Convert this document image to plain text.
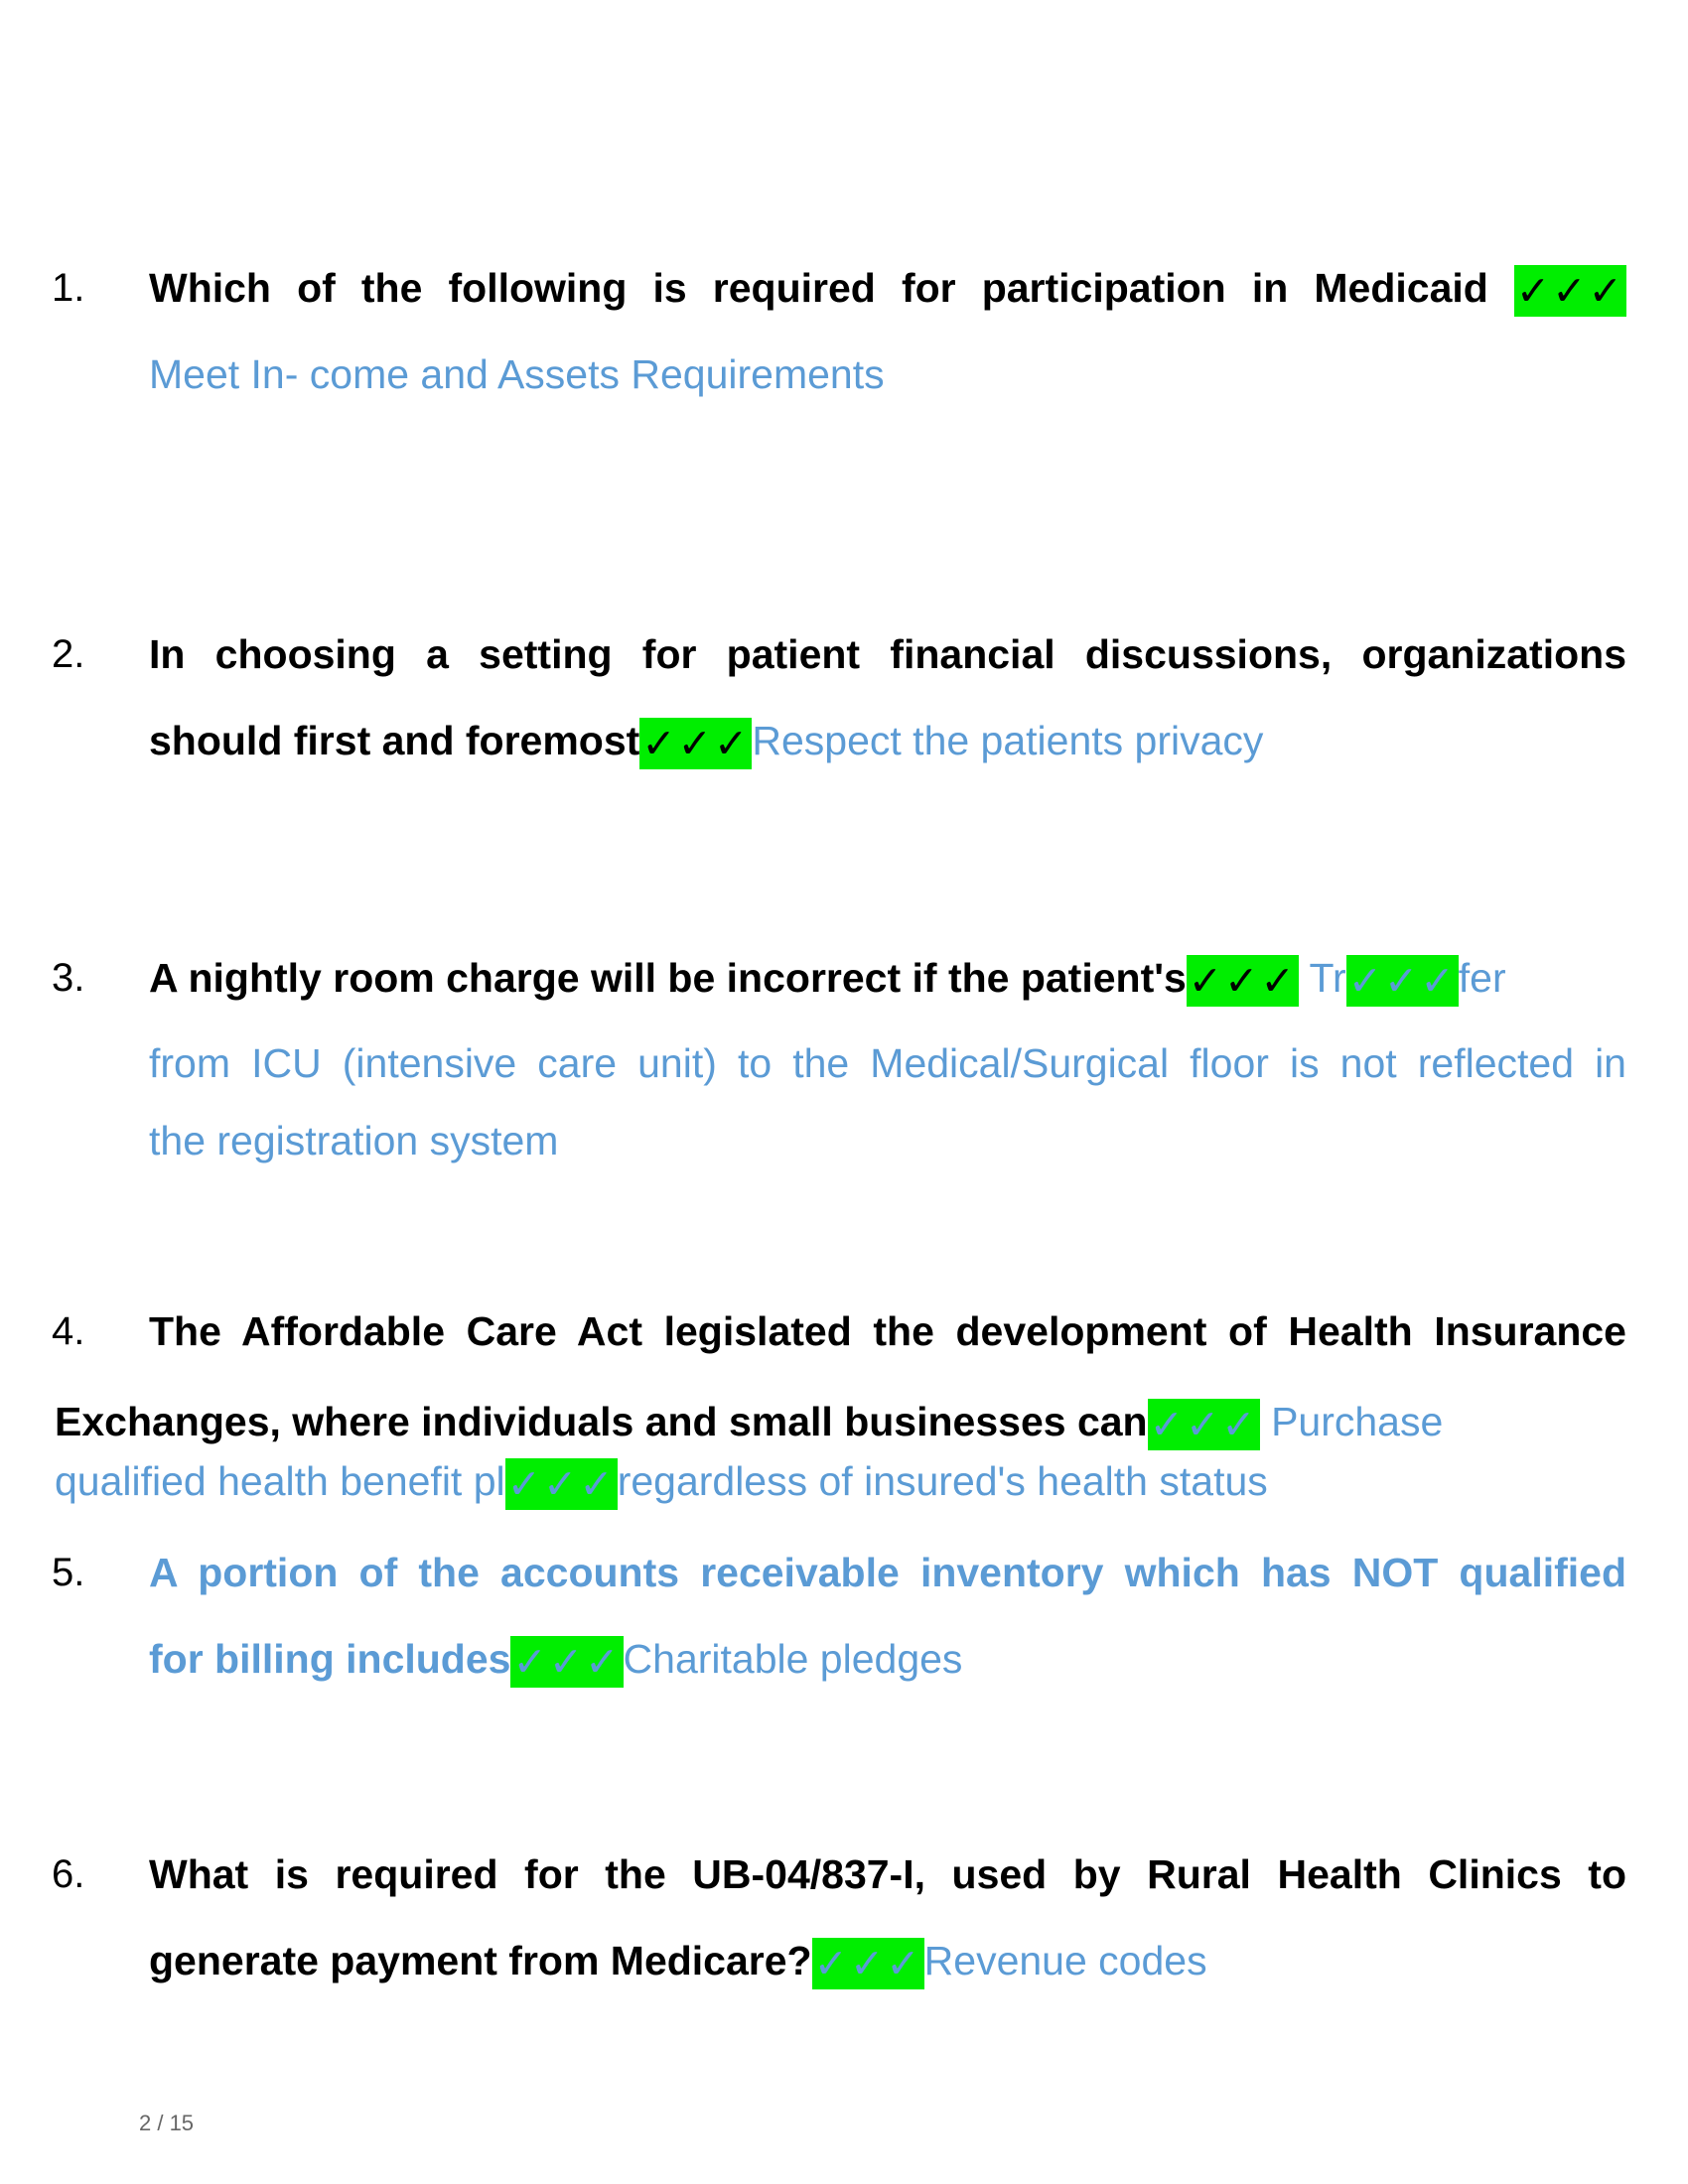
1. Which of the following is required for participation in Medicaid ✓✓✓
Meet In- come and Assets Requirements
2. In choosing a setting for patient financial discussions, organizations
should first and foremost✓✓✓Respect the patients privacy
3. A nightly room charge will be incorrect if the patient's✓✓✓ Tr✓✓✓fer
from ICU (intensive care unit) to the Medical/Surgical floor is not reflected in
the registration system
4. The Affordable Care Act legislated the development of Health Insurance
Exchanges, where individuals and small businesses can✓✓✓ Purchase
qualified health benefit pl✓✓✓regardless of insured's health status
5. A portion of the accounts receivable inventory which has NOT qualified
for billing includes✓✓✓Charitable pledges
6. What is required for the UB-04/837-I, used by Rural Health Clinics to
generate payment from Medicare?✓✓✓Revenue codes
2 / 15
